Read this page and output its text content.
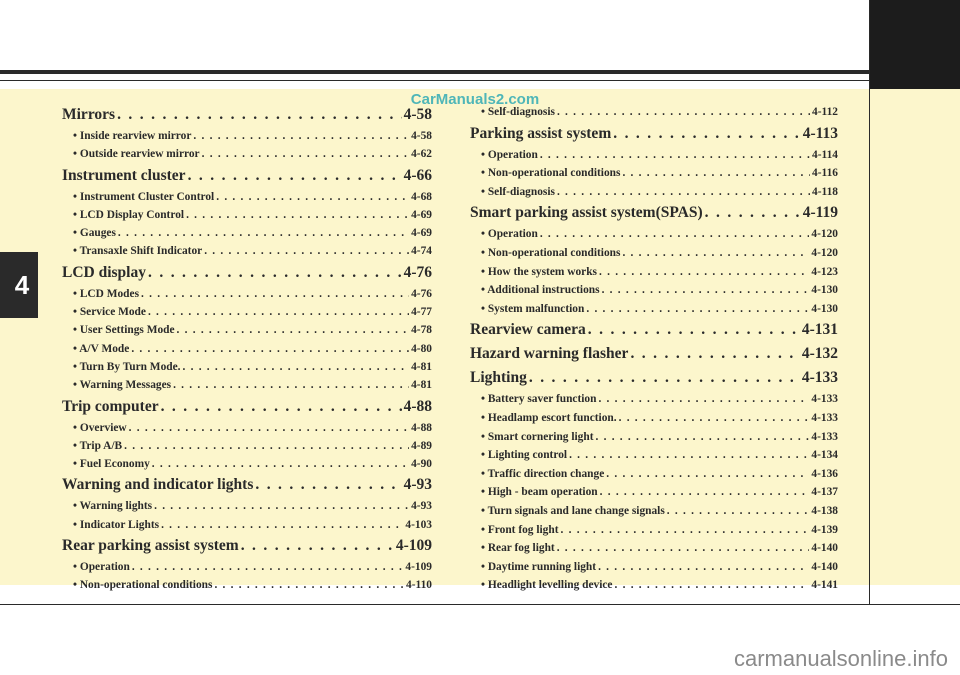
4
CarManuals2.com
Mirrors . . .	4-58
• Inside rearview mirror . . .	4-58
• Outside rearview mirror . . .	4-62
Instrument cluster . . .	4-66
• Instrument Cluster Control . . .	4-68
• LCD Display Control . . .	4-69
• Gauges . . .	4-69
• Transaxle Shift Indicator . . .	4-74
LCD display . . .	4-76
• LCD Modes . . .	4-76
• Service Mode . . .	4-77
• User Settings Mode . . .	4-78
• A/V Mode . . .	4-80
• Turn By Turn Mode. . . .	4-81
• Warning Messages . . .	4-81
Trip computer . . .	4-88
• Overview . . .	4-88
• Trip A/B . . .	4-89
• Fuel Economy . . .	4-90
Warning and indicator lights . . .	4-93
• Warning lights . . .	4-93
• Indicator Lights . . .	4-103
Rear parking assist system . . .	4-109
• Operation . . .	4-109
• Non-operational conditions . . .	4-110
• Self-diagnosis . . .	4-112
Parking assist system . . .	4-113
• Operation . . .	4-114
• Non-operational conditions . . .	4-116
• Self-diagnosis . . .	4-118
Smart parking assist system(SPAS) . . .	4-119
• Operation . . .	4-120
• Non-operational conditions . . .	4-120
• How the system works . . .	4-123
• Additional instructions . . .	4-130
• System malfunction . . .	4-130
Rearview camera . . .	4-131
Hazard warning flasher . . .	4-132
Lighting . . .	4-133
• Battery saver function . . .	4-133
• Headlamp escort function. . . .	4-133
• Smart cornering light . . .	4-133
• Lighting control . . .	4-134
• Traffic direction change . . .	4-136
• High - beam operation . . .	4-137
• Turn signals and lane change signals . . .	4-138
• Front fog light . . .	4-139
• Rear fog light . . .	4-140
• Daytime running light . . .	4-140
• Headlight levelling device . . .	4-141
carmanualsonline.info
